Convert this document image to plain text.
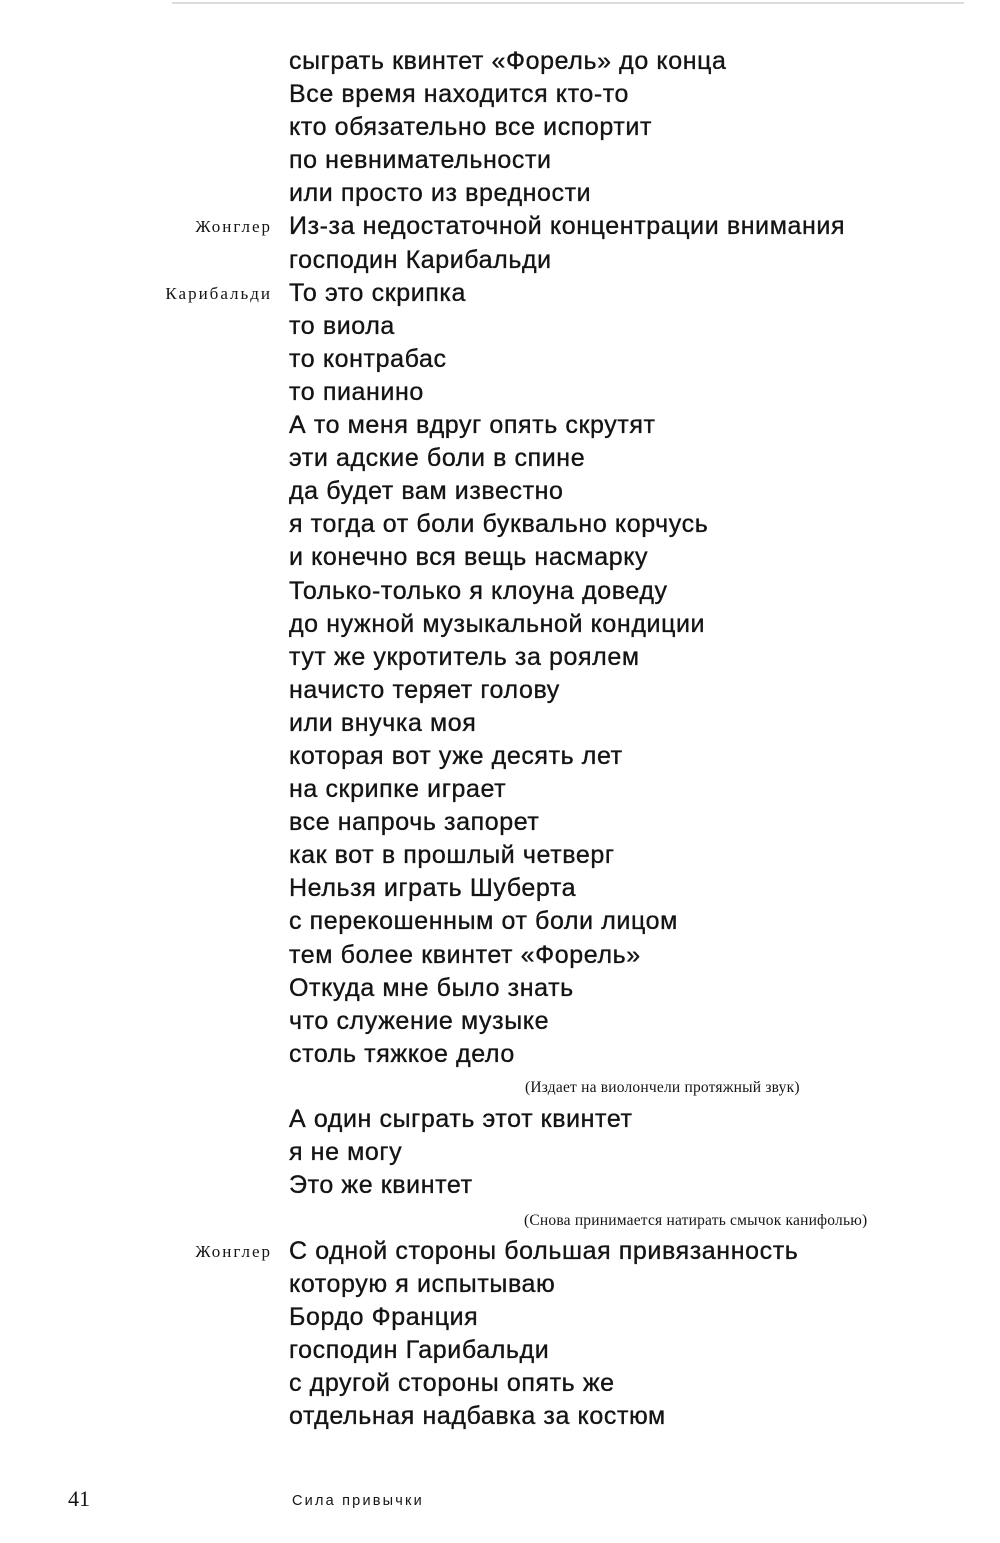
сыграть квинтет «Форель» до конца
Все время находится кто-то
кто обязательно все испортит
по невнимательности
или просто из вредности
Жонглер Из-за недостаточной концентрации внимания
господин Карибальди
Карибальди То это скрипка
то виола
то контрабас
то пианино
А то меня вдруг опять скрутят
эти адские боли в спине
да будет вам известно
я тогда от боли буквально корчусь
и конечно вся вещь насмарку
Только-только я клоуна доведу
до нужной музыкальной кондиции
тут же укротитель за роялем
начисто теряет голову
или внучка моя
которая вот уже десять лет
на скрипке играет
все напрочь запорет
как вот в прошлый четверг
Нельзя играть Шуберта
с перекошенным от боли лицом
тем более квинтет «Форель»
Откуда мне было знать
что служение музыке
столь тяжкое дело
(Издает на виолончели протяжный звук)
А один сыграть этот квинтет
я не могу
Это же квинтет
(Снова принимается натирать смычок канифолью)
Жонглер С одной стороны большая привязанность
которую я испытываю
Бордо Франция
господин Гарибальди
с другой стороны опять же
отдельная надбавка за костюм
41	Сила привычки
